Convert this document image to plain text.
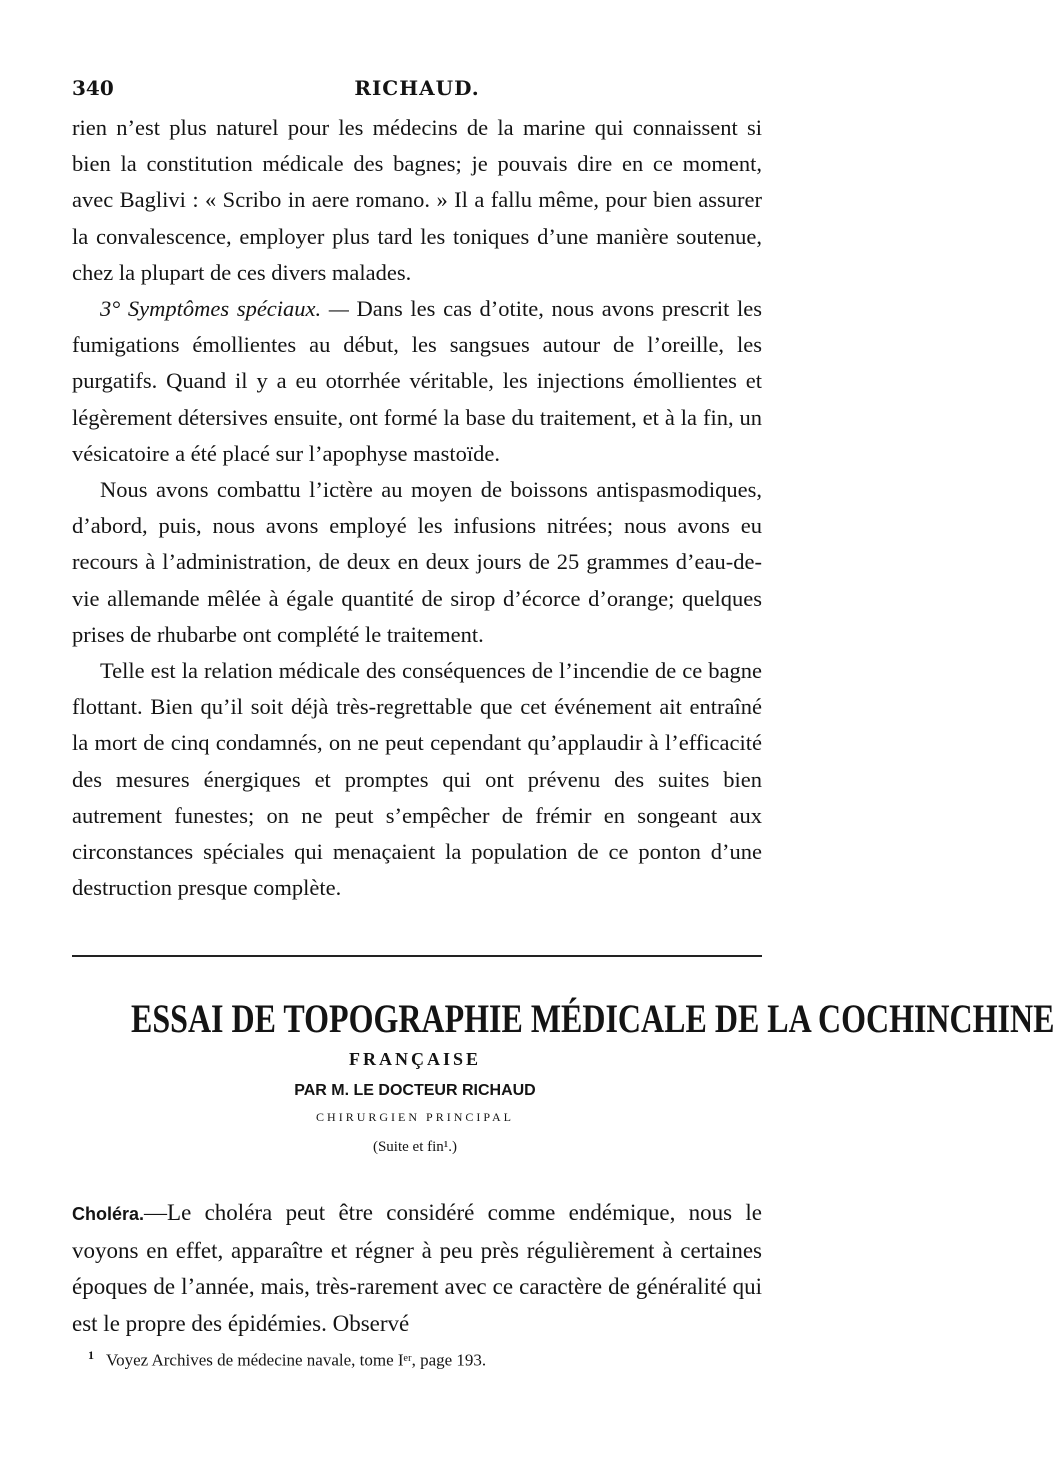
340	RICHAUD.

rien n’est plus naturel pour les médecins de la marine qui connaissent si bien la constitution médicale des bagnes; je pouvais dire en ce moment, avec Baglivi : « Scribo in aere romano. » Il a fallu même, pour bien assurer la convalescence, employer plus tard les toniques d’une manière soutenue, chez la plupart de ces divers malades.

3° Symptômes spéciaux. — Dans les cas d’otite, nous avons prescrit les fumigations émollientes au début, les sangsues autour de l’oreille, les purgatifs. Quand il y a eu otorrhée véritable, les injections émollientes et légèrement détersives ensuite, ont formé la base du traitement, et à la fin, un vésicatoire a été placé sur l’apophyse mastoïde.

Nous avons combattu l’ictère au moyen de boissons antispasmodiques, d’abord, puis, nous avons employé les infusions nitrées; nous avons eu recours à l’administration, de deux en deux jours de 25 grammes d’eau-de-vie allemande mêlée à égale quantité de sirop d’écorce d’orange; quelques prises de rhubarbe ont complété le traitement.

Telle est la relation médicale des conséquences de l’incendie de ce bagne flottant. Bien qu’il soit déjà très-regrettable que cet événement ait entraîné la mort de cinq condamnés, on ne peut cependant qu’applaudir à l’efficacité des mesures énergiques et promptes qui ont prévenu des suites bien autrement funestes; on ne peut s’empêcher de frémir en songeant aux circonstances spéciales qui menaçaient la population de ce ponton d’une destruction presque complète.

ESSAI DE TOPOGRAPHIE MÉDICALE DE LA COCHINCHINE
FRANÇAISE
PAR M. LE DOCTEUR RICHAUD
CHIRURGIEN PRINCIPAL
(Suite et fin¹.)

Choléra.—Le choléra peut être considéré comme endémique, nous le voyons en effet, apparaître et régner à peu près régulièrement à certaines époques de l’année, mais, très-rarement avec ce caractère de généralité qui est le propre des épidémies. Observé

$^1$ Voyez Archives de médecine navale, tome Iᵉʳ, page 193.
